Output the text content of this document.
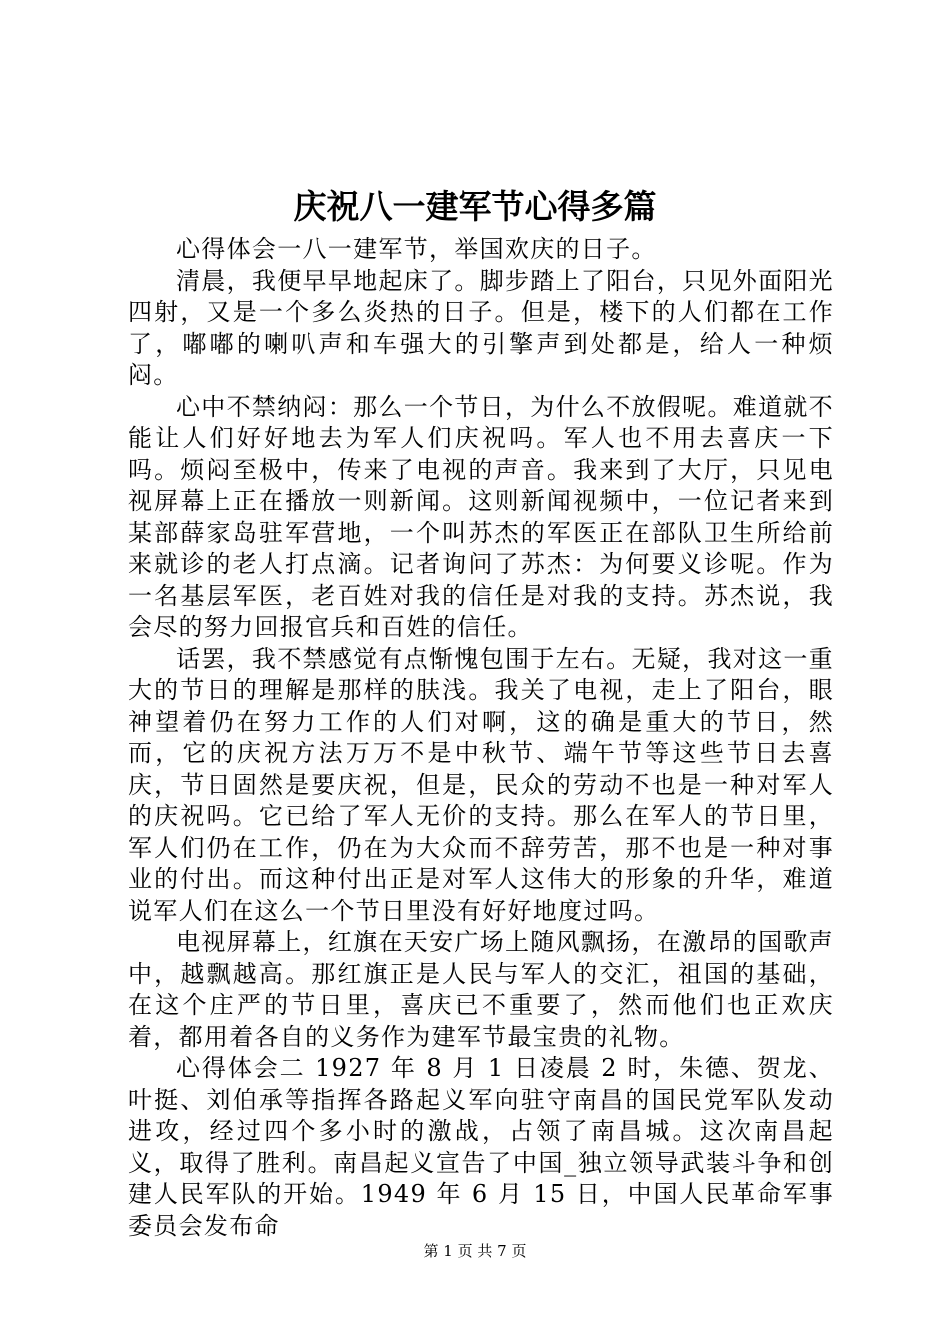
庆祝八一建军节心得多篇

心得体会一八一建军节，举国欢庆的日子。

清晨，我便早早地起床了。脚步踏上了阳台，只见外面阳光四射，又是一个多么炎热的日子。但是，楼下的人们都在工作了，嘟嘟的喇叭声和车强大的引擎声到处都是，给人一种烦闷。

心中不禁纳闷：那么一个节日，为什么不放假呢。难道就不能让人们好好地去为军人们庆祝吗。军人也不用去喜庆一下吗。烦闷至极中，传来了电视的声音。我来到了大厅，只见电视屏幕上正在播放一则新闻。这则新闻视频中，一位记者来到某部薛家岛驻军营地，一个叫苏杰的军医正在部队卫生所给前来就诊的老人打点滴。记者询问了苏杰：为何要义诊呢。作为一名基层军医，老百姓对我的信任是对我的支持。苏杰说，我会尽的努力回报官兵和百姓的信任。

话罢，我不禁感觉有点惭愧包围于左右。无疑，我对这一重大的节日的理解是那样的肤浅。我关了电视，走上了阳台，眼神望着仍在努力工作的人们对啊，这的确是重大的节日，然而，它的庆祝方法万万不是中秋节、端午节等这些节日去喜庆，节日固然是要庆祝，但是，民众的劳动不也是一种对军人的庆祝吗。它已给了军人无价的支持。那么在军人的节日里，军人们仍在工作，仍在为大众而不辞劳苦，那不也是一种对事业的付出。而这种付出正是对军人这伟大的形象的升华，难道说军人们在这么一个节日里没有好好地度过吗。

电视屏幕上，红旗在天安广场上随风飘扬，在激昂的国歌声中，越飘越高。那红旗正是人民与军人的交汇，祖国的基础，在这个庄严的节日里，喜庆已不重要了，然而他们也正欢庆着，都用着各自的义务作为建军节最宝贵的礼物。

心得体会二 1927 年 8 月 1 日凌晨 2 时，朱德、贺龙、叶挺、刘伯承等指挥各路起义军向驻守南昌的国民党军队发动进攻，经过四个多小时的激战，占领了南昌城。这次南昌起义，取得了胜利。南昌起义宣告了中国_独立领导武装斗争和创建人民军队的开始。1949 年 6 月 15 日，中国人民革命军事委员会发布命

第 1 页 共 7 页
